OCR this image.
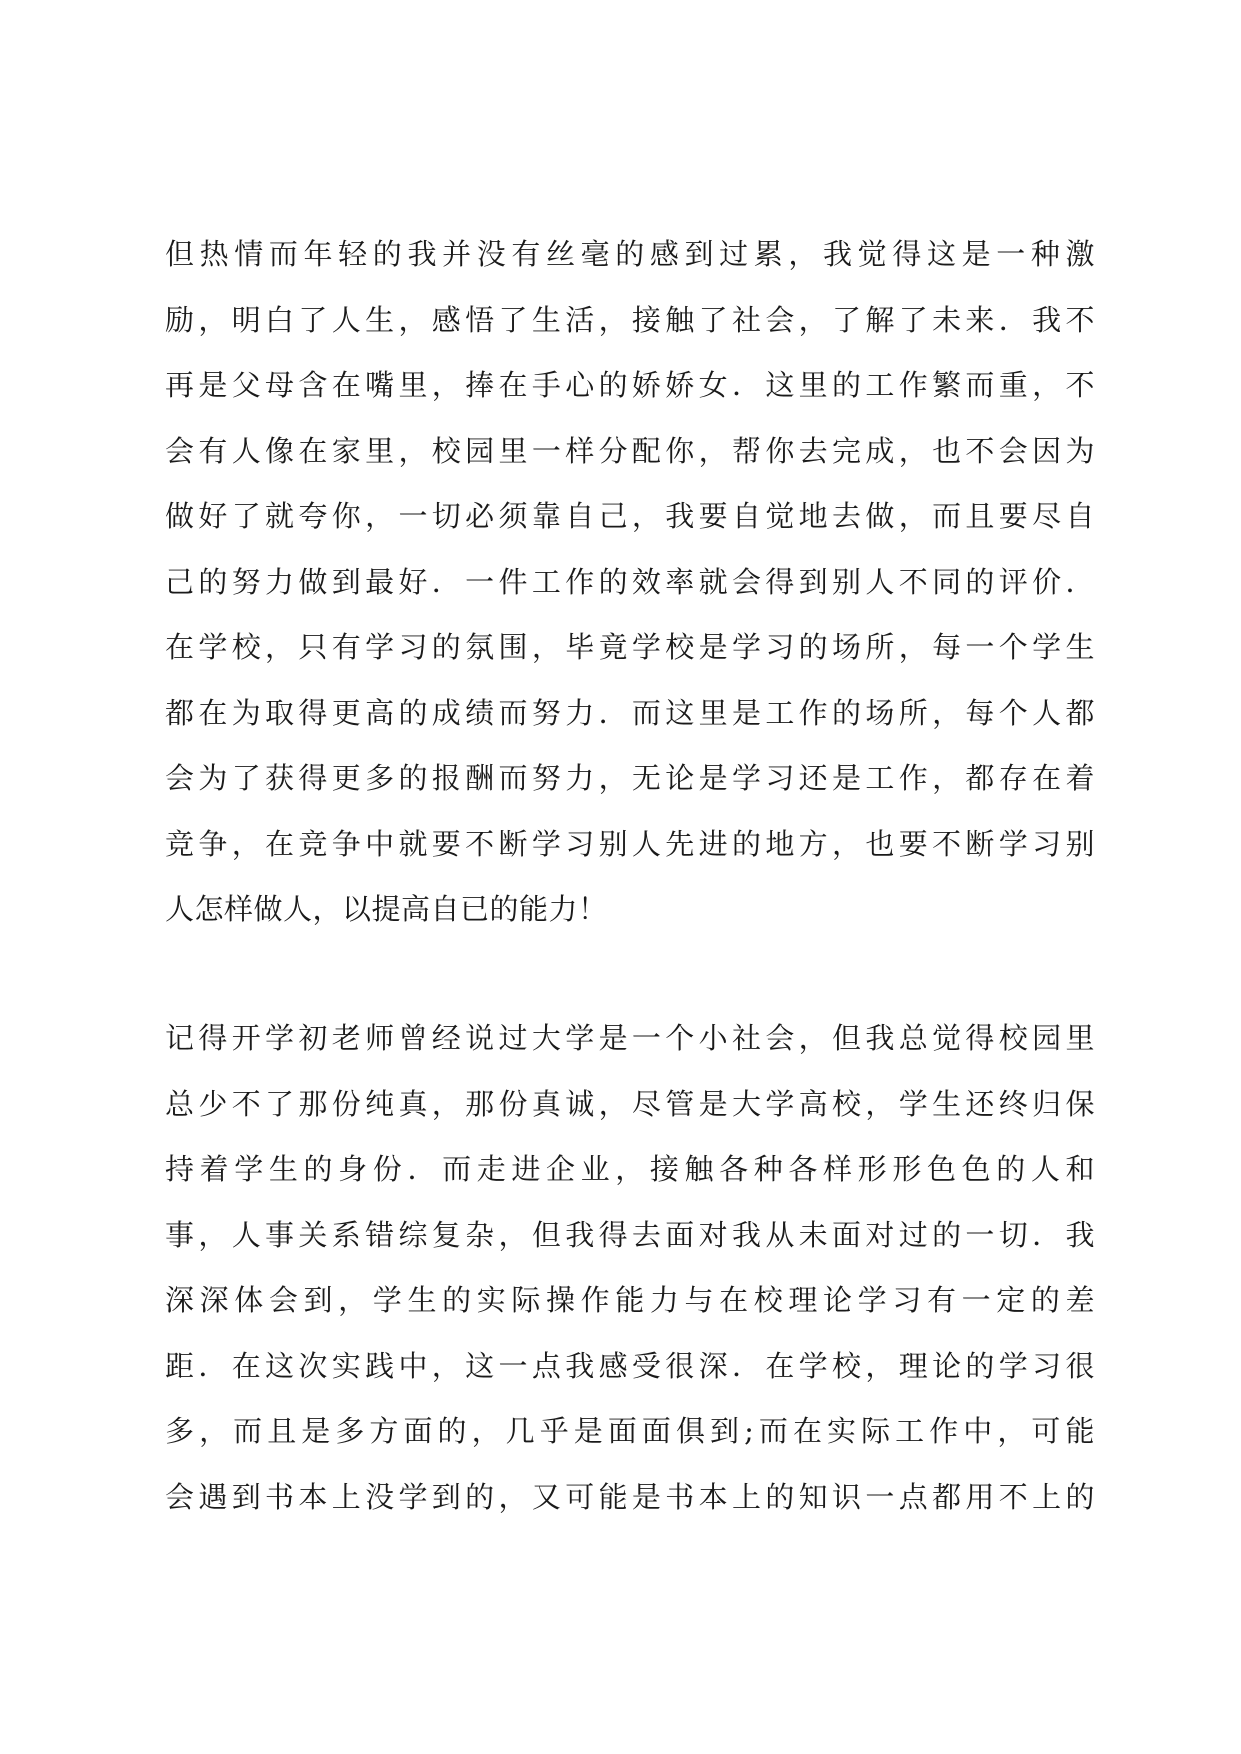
但热情而年轻的我并没有丝毫的感到过累，我觉得这是一种激
励，明白了人生，感悟了生活，接触了社会，了解了未来．我不
再是父母含在嘴里，捧在手心的娇娇女．这里的工作繁而重，不
会有人像在家里，校园里一样分配你，帮你去完成，也不会因为
做好了就夸你，一切必须靠自己，我要自觉地去做，而且要尽自
己的努力做到最好．一件工作的效率就会得到别人不同的评价．
在学校，只有学习的氛围，毕竟学校是学习的场所，每一个学生
都在为取得更高的成绩而努力．而这里是工作的场所，每个人都
会为了获得更多的报酬而努力，无论是学习还是工作，都存在着
竞争，在竞争中就要不断学习别人先进的地方，也要不断学习别
人怎样做人，以提高自已的能力！
记得开学初老师曾经说过大学是一个小社会，但我总觉得校园里
总少不了那份纯真，那份真诚，尽管是大学高校，学生还终归保
持着学生的身份．而走进企业，接触各种各样形形色色的人和
事，人事关系错综复杂，但我得去面对我从未面对过的一切．我
深深体会到，学生的实际操作能力与在校理论学习有一定的差
距．在这次实践中，这一点我感受很深．在学校，理论的学习很
多，而且是多方面的，几乎是面面俱到;而在实际工作中，可能
会遇到书本上没学到的，又可能是书本上的知识一点都用不上的
